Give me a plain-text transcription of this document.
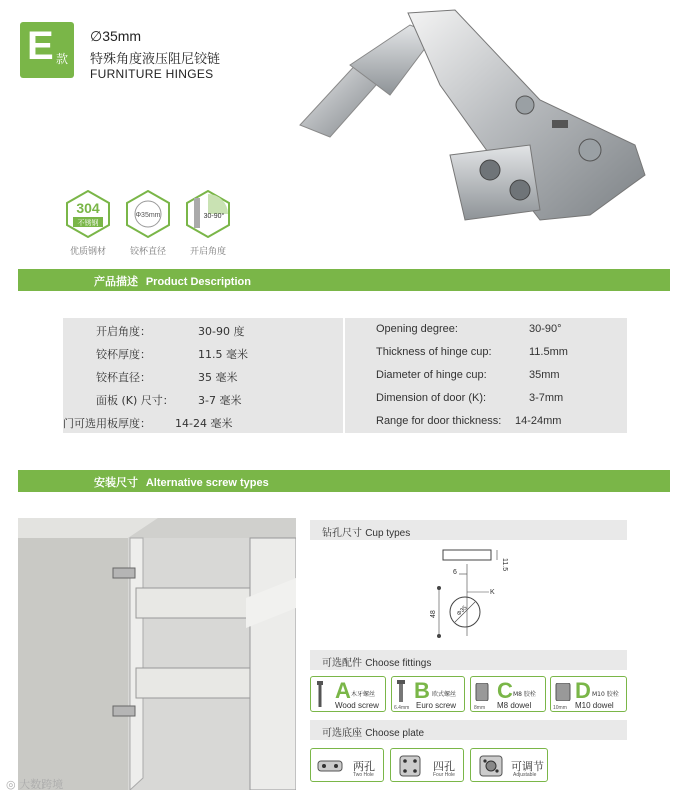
E 款
∅35mm
特殊角度液压阻尼铰链
FURNITURE HINGES
304
不锈钢
优质钢材
Φ35mm
铰杯直径
30-90°
开启角度
产品描述 Product Description
开启角度：	30-90 度	Opening degree:	30-90°
铰杯厚度：	11.5 毫米	Thickness of hinge cup:	11.5mm
铰杯直径：	35 毫米	Diameter of hinge cup:	35mm
面板 (K) 尺寸： 3-7 毫米	Dimension of door (K):	3-7mm
门可选用板厚度： 14-24 毫米	Range for door thickness: 14-24mm
安装尺寸 Alternative screw types
钻孔尺寸 Cup types
11.5
6
Φ35
K
48
可选配件 Choose fittings
A 木牙螺丝
Wood screw	6.4mm
B 欧式螺丝
Euro screw	8mm
C M8 胶栓
M8 dowel	10mm
D M10 胶栓
M10 dowel
可选底座 Choose plate
两孔
Two Hole
四孔
Four Hole
可调节
Adjustable
◎ 大数跨境
